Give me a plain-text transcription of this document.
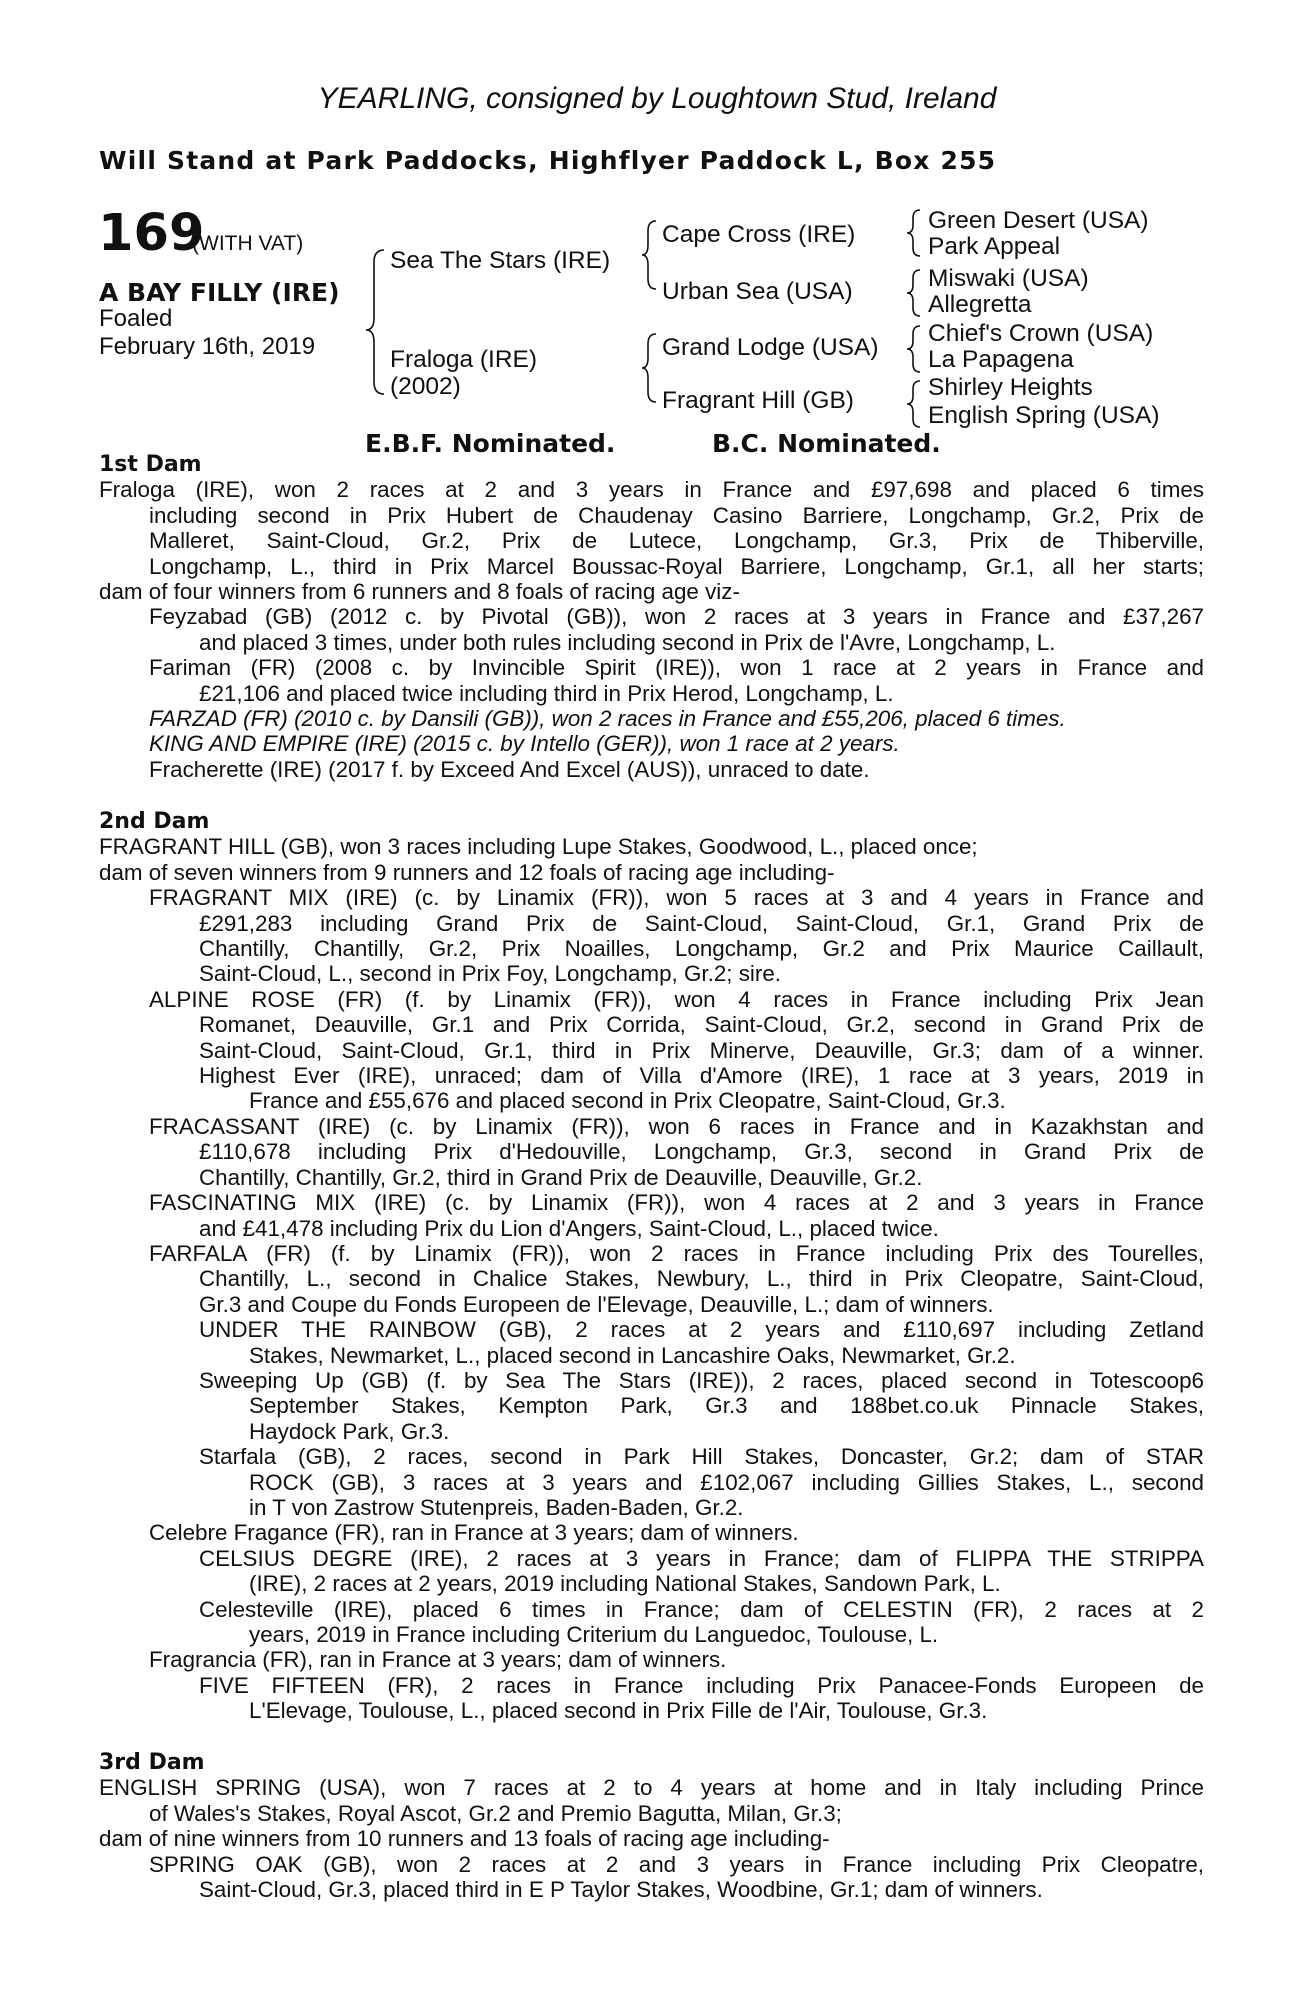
YEARLING, consigned by Loughtown Stud, Ireland
Will Stand at Park Paddocks, Highflyer Paddock L, Box 255
169
(WITH VAT)
A BAY FILLY (IRE)
Foaled
February 16th, 2019
Sea The Stars (IRE)
Fraloga (IRE)
(2002)
Cape Cross (IRE)
Urban Sea (USA)
Grand Lodge (USA)
Fragrant Hill (GB)
Green Desert (USA)
Park Appeal
Miswaki (USA)
Allegretta
Chief's Crown (USA)
La Papagena
Shirley Heights
English Spring (USA)
E.B.F. Nominated.	B.C. Nominated.
1st Dam
Fraloga (IRE), won 2 races at 2 and 3 years in France and £97,698 and placed 6 times
including second in Prix Hubert de Chaudenay Casino Barriere, Longchamp, Gr.2, Prix de
Malleret, Saint-Cloud, Gr.2, Prix de Lutece, Longchamp, Gr.3, Prix de Thiberville,
Longchamp, L., third in Prix Marcel Boussac-Royal Barriere, Longchamp, Gr.1, all her starts;
dam of four winners from 6 runners and 8 foals of racing age viz-
Feyzabad (GB) (2012 c. by Pivotal (GB)), won 2 races at 3 years in France and £37,267
and placed 3 times, under both rules including second in Prix de l'Avre, Longchamp, L.
Fariman (FR) (2008 c. by Invincible Spirit (IRE)), won 1 race at 2 years in France and
£21,106 and placed twice including third in Prix Herod, Longchamp, L.
FARZAD (FR) (2010 c. by Dansili (GB)), won 2 races in France and £55,206, placed 6 times.
KING AND EMPIRE (IRE) (2015 c. by Intello (GER)), won 1 race at 2 years.
Fracherette (IRE) (2017 f. by Exceed And Excel (AUS)), unraced to date.
2nd Dam
FRAGRANT HILL (GB), won 3 races including Lupe Stakes, Goodwood, L., placed once;
dam of seven winners from 9 runners and 12 foals of racing age including-
FRAGRANT MIX (IRE) (c. by Linamix (FR)), won 5 races at 3 and 4 years in France and
£291,283 including Grand Prix de Saint-Cloud, Saint-Cloud, Gr.1, Grand Prix de
Chantilly, Chantilly, Gr.2, Prix Noailles, Longchamp, Gr.2 and Prix Maurice Caillault,
Saint-Cloud, L., second in Prix Foy, Longchamp, Gr.2; sire.
ALPINE ROSE (FR) (f. by Linamix (FR)), won 4 races in France including Prix Jean
Romanet, Deauville, Gr.1 and Prix Corrida, Saint-Cloud, Gr.2, second in Grand Prix de
Saint-Cloud, Saint-Cloud, Gr.1, third in Prix Minerve, Deauville, Gr.3; dam of a winner.
Highest Ever (IRE), unraced; dam of Villa d'Amore (IRE), 1 race at 3 years, 2019 in
France and £55,676 and placed second in Prix Cleopatre, Saint-Cloud, Gr.3.
FRACASSANT (IRE) (c. by Linamix (FR)), won 6 races in France and in Kazakhstan and
£110,678 including Prix d'Hedouville, Longchamp, Gr.3, second in Grand Prix de
Chantilly, Chantilly, Gr.2, third in Grand Prix de Deauville, Deauville, Gr.2.
FASCINATING MIX (IRE) (c. by Linamix (FR)), won 4 races at 2 and 3 years in France
and £41,478 including Prix du Lion d'Angers, Saint-Cloud, L., placed twice.
FARFALA (FR) (f. by Linamix (FR)), won 2 races in France including Prix des Tourelles,
Chantilly, L., second in Chalice Stakes, Newbury, L., third in Prix Cleopatre, Saint-Cloud,
Gr.3 and Coupe du Fonds Europeen de l'Elevage, Deauville, L.; dam of winners.
UNDER THE RAINBOW (GB), 2 races at 2 years and £110,697 including Zetland
Stakes, Newmarket, L., placed second in Lancashire Oaks, Newmarket, Gr.2.
Sweeping Up (GB) (f. by Sea The Stars (IRE)), 2 races, placed second in Totescoop6
September Stakes, Kempton Park, Gr.3 and 188bet.co.uk Pinnacle Stakes,
Haydock Park, Gr.3.
Starfala (GB), 2 races, second in Park Hill Stakes, Doncaster, Gr.2; dam of STAR
ROCK (GB), 3 races at 3 years and £102,067 including Gillies Stakes, L., second
in T von Zastrow Stutenpreis, Baden-Baden, Gr.2.
Celebre Fragance (FR), ran in France at 3 years; dam of winners.
CELSIUS DEGRE (IRE), 2 races at 3 years in France; dam of FLIPPA THE STRIPPA
(IRE), 2 races at 2 years, 2019 including National Stakes, Sandown Park, L.
Celesteville (IRE), placed 6 times in France; dam of CELESTIN (FR), 2 races at 2
years, 2019 in France including Criterium du Languedoc, Toulouse, L.
Fragrancia (FR), ran in France at 3 years; dam of winners.
FIVE FIFTEEN (FR), 2 races in France including Prix Panacee-Fonds Europeen de
L'Elevage, Toulouse, L., placed second in Prix Fille de l'Air, Toulouse, Gr.3.
3rd Dam
ENGLISH SPRING (USA), won 7 races at 2 to 4 years at home and in Italy including Prince
of Wales's Stakes, Royal Ascot, Gr.2 and Premio Bagutta, Milan, Gr.3;
dam of nine winners from 10 runners and 13 foals of racing age including-
SPRING OAK (GB), won 2 races at 2 and 3 years in France including Prix Cleopatre,
Saint-Cloud, Gr.3, placed third in E P Taylor Stakes, Woodbine, Gr.1; dam of winners.
